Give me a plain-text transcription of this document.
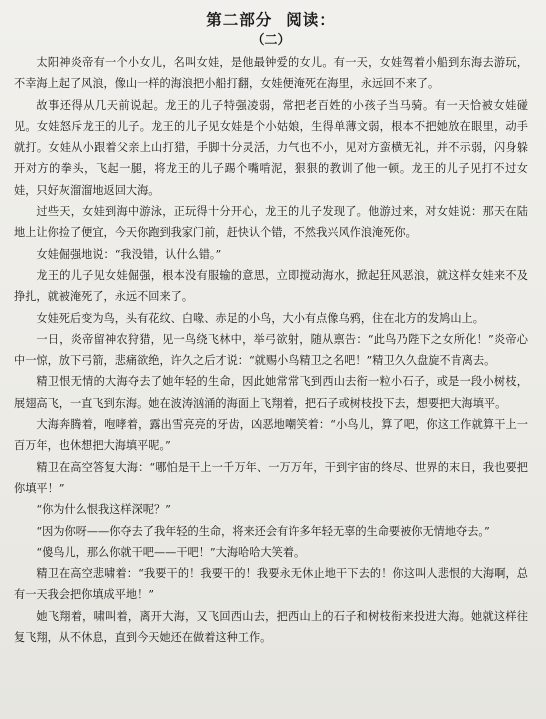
第二部分 阅读：
（二）

太阳神炎帝有一个小女儿，名叫女娃，是他最钟爱的女儿。有一天，女娃驾着小船到东海去游玩，不幸海上起了风浪，像山一样的海浪把小船打翻，女娃便淹死在海里，永远回不来了。

故事还得从几天前说起。龙王的儿子特强凌弱，常把老百姓的小孩子当马骑。有一天恰被女娃碰见。女娃怒斥龙王的儿子。龙王的儿子见女娃是个小姑娘，生得单薄文弱，根本不把她放在眼里，动手就打。女娃从小跟着父亲上山打猎，手脚十分灵活，力气也不小，见对方蛮横无礼，并不示弱，闪身躲开对方的拳头，飞起一腿，将龙王的儿子踢个嘴啃泥，狠狠的教训了他一顿。龙王的儿子见打不过女娃，只好灰溜溜地返回大海。

过些天，女娃到海中游泳，正玩得十分开心，龙王的儿子发现了。他游过来，对女娃说：那天在陆地上让你捡了便宜，今天你跑到我家门前，赶快认个错，不然我兴风作浪淹死你。

女娃倔强地说：“我没错，认什么错。”

龙王的儿子见女娃倔强，根本没有服输的意思，立即搅动海水，掀起狂风恶浪，就这样女娃来不及挣扎，就被淹死了，永远不回来了。

女娃死后变为鸟，头有花纹、白喙、赤足的小鸟，大小有点像乌鸦，住在北方的发鸠山上。

一日，炎帝留神农狩猎，见一鸟绕飞林中，举弓欲射，随从禀告：“此鸟乃陛下之女所化！”炎帝心中一惊，放下弓箭，悲痛欲绝，许久之后才说：“就赐小鸟精卫之名吧！”精卫久久盘旋不肯离去。

精卫恨无情的大海夺去了她年轻的生命，因此她常常飞到西山去衔一粒小石子，或是一段小树枝，展翅高飞，一直飞到东海。她在波涛汹涌的海面上飞翔着，把石子或树枝投下去，想要把大海填平。

大海奔腾着，咆哮着，露出雪亮亮的牙齿，凶恶地嘲笑着：“小鸟儿，算了吧，你这工作就算干上一百万年，也休想把大海填平呢。”

精卫在高空答复大海：“哪怕是干上一千万年、一万万年，干到宇宙的终尽、世界的末日，我也要把你填平！”

“你为什么恨我这样深呢？”

“因为你呀——你夺去了我年轻的生命，将来还会有许多年轻无辜的生命要被你无情地夺去。”

“傻鸟儿，那么你就干吧——干吧！”大海哈哈大笑着。

精卫在高空悲啸着：“我要干的！我要干的！我要永无休止地干下去的！你这叫人悲恨的大海啊，总有一天我会把你填成平地！”

她飞翔着，啸叫着，离开大海，又飞回西山去，把西山上的石子和树枝衔来投进大海。她就这样往复飞翔，从不休息，直到今天她还在做着这种工作。
